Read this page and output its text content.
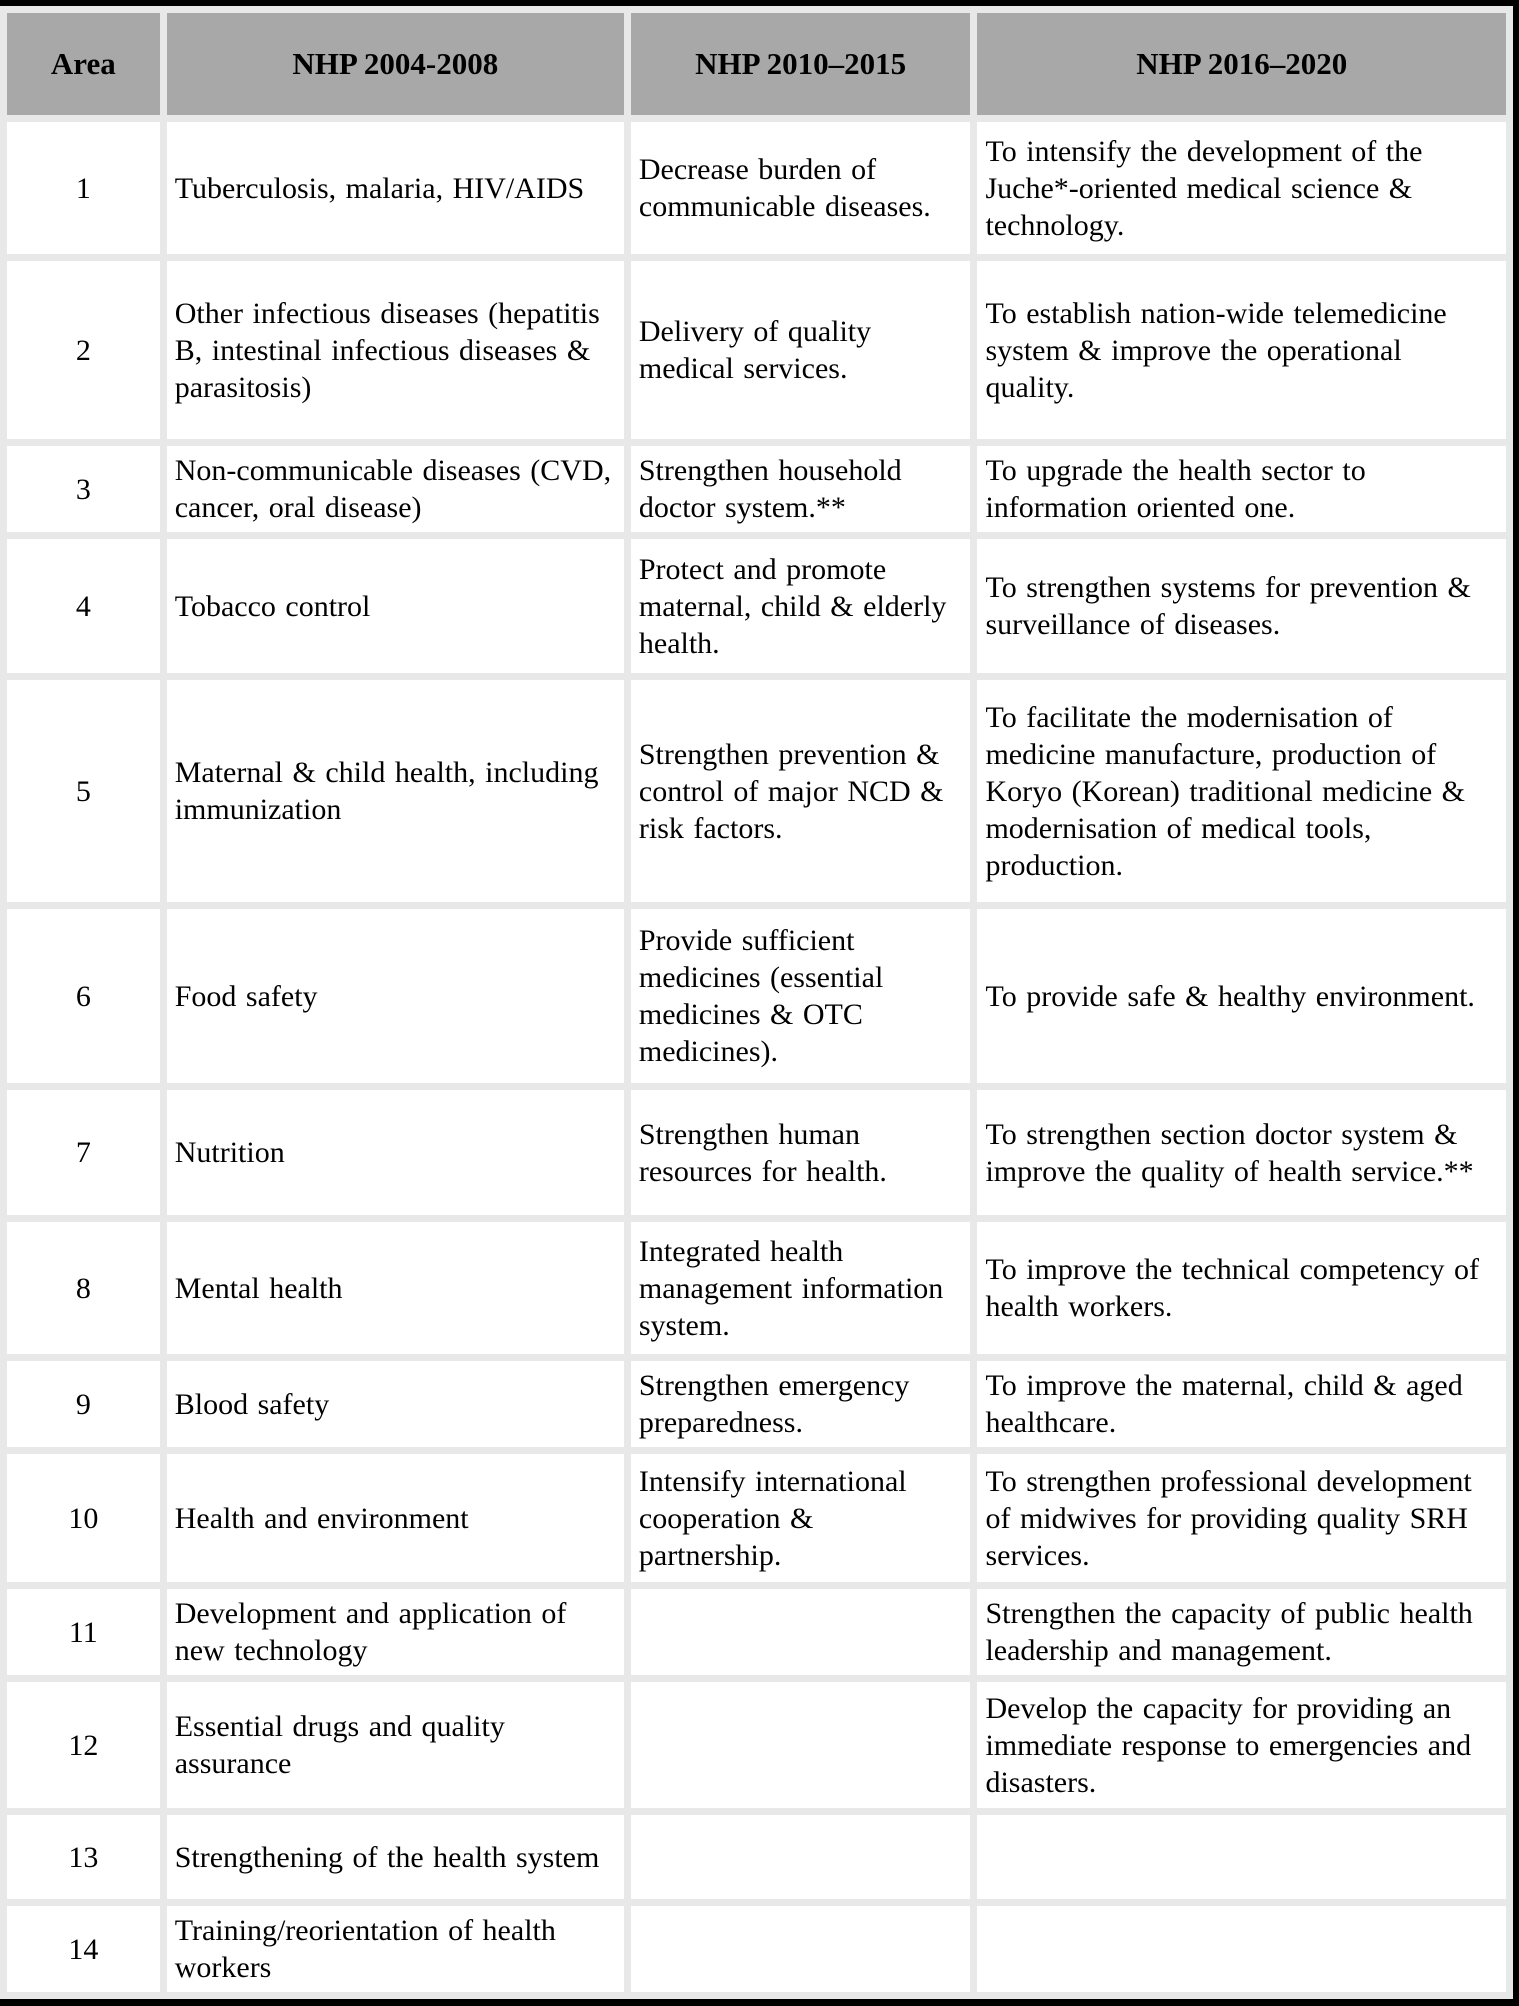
Area	NHP 2004-2008	NHP 2010–2015	NHP 2016–2020
1	Tuberculosis, malaria, HIV/AIDS	Decrease burden of communicable diseases.	To intensify the development of the Juche*-oriented medical science & technology.
2	Other infectious diseases (hepatitis B, intestinal infectious diseases & parasitosis)	Delivery of quality medical services.	To establish nation-wide telemedicine system & improve the operational quality.
3	Non-communicable diseases (CVD, cancer, oral disease)	Strengthen household doctor system.**	To upgrade the health sector to information oriented one.
4	Tobacco control	Protect and promote maternal, child & elderly health.	To strengthen systems for prevention & surveillance of diseases.
5	Maternal & child health, including immunization	Strengthen prevention & control of major NCD & risk factors.	To facilitate the modernisation of medicine manufacture, production of Koryo (Korean) traditional medicine & modernisation of medical tools, production.
6	Food safety	Provide sufficient medicines (essential medicines & OTC medicines).	To provide safe & healthy environment.
7	Nutrition	Strengthen human resources for health.	To strengthen section doctor system & improve the quality of health service.**
8	Mental health	Integrated health management information system.	To improve the technical competency of health workers.
9	Blood safety	Strengthen emergency preparedness.	To improve the maternal, child & aged healthcare.
10	Health and environment	Intensify international cooperation & partnership.	To strengthen professional development of midwives for providing quality SRH services.
11	Development and application of new technology		Strengthen the capacity of public health leadership and management.
12	Essential drugs and quality assurance		Develop the capacity for providing an immediate response to emergencies and disasters.
13	Strengthening of the health system		
14	Training/reorientation of health workers		
